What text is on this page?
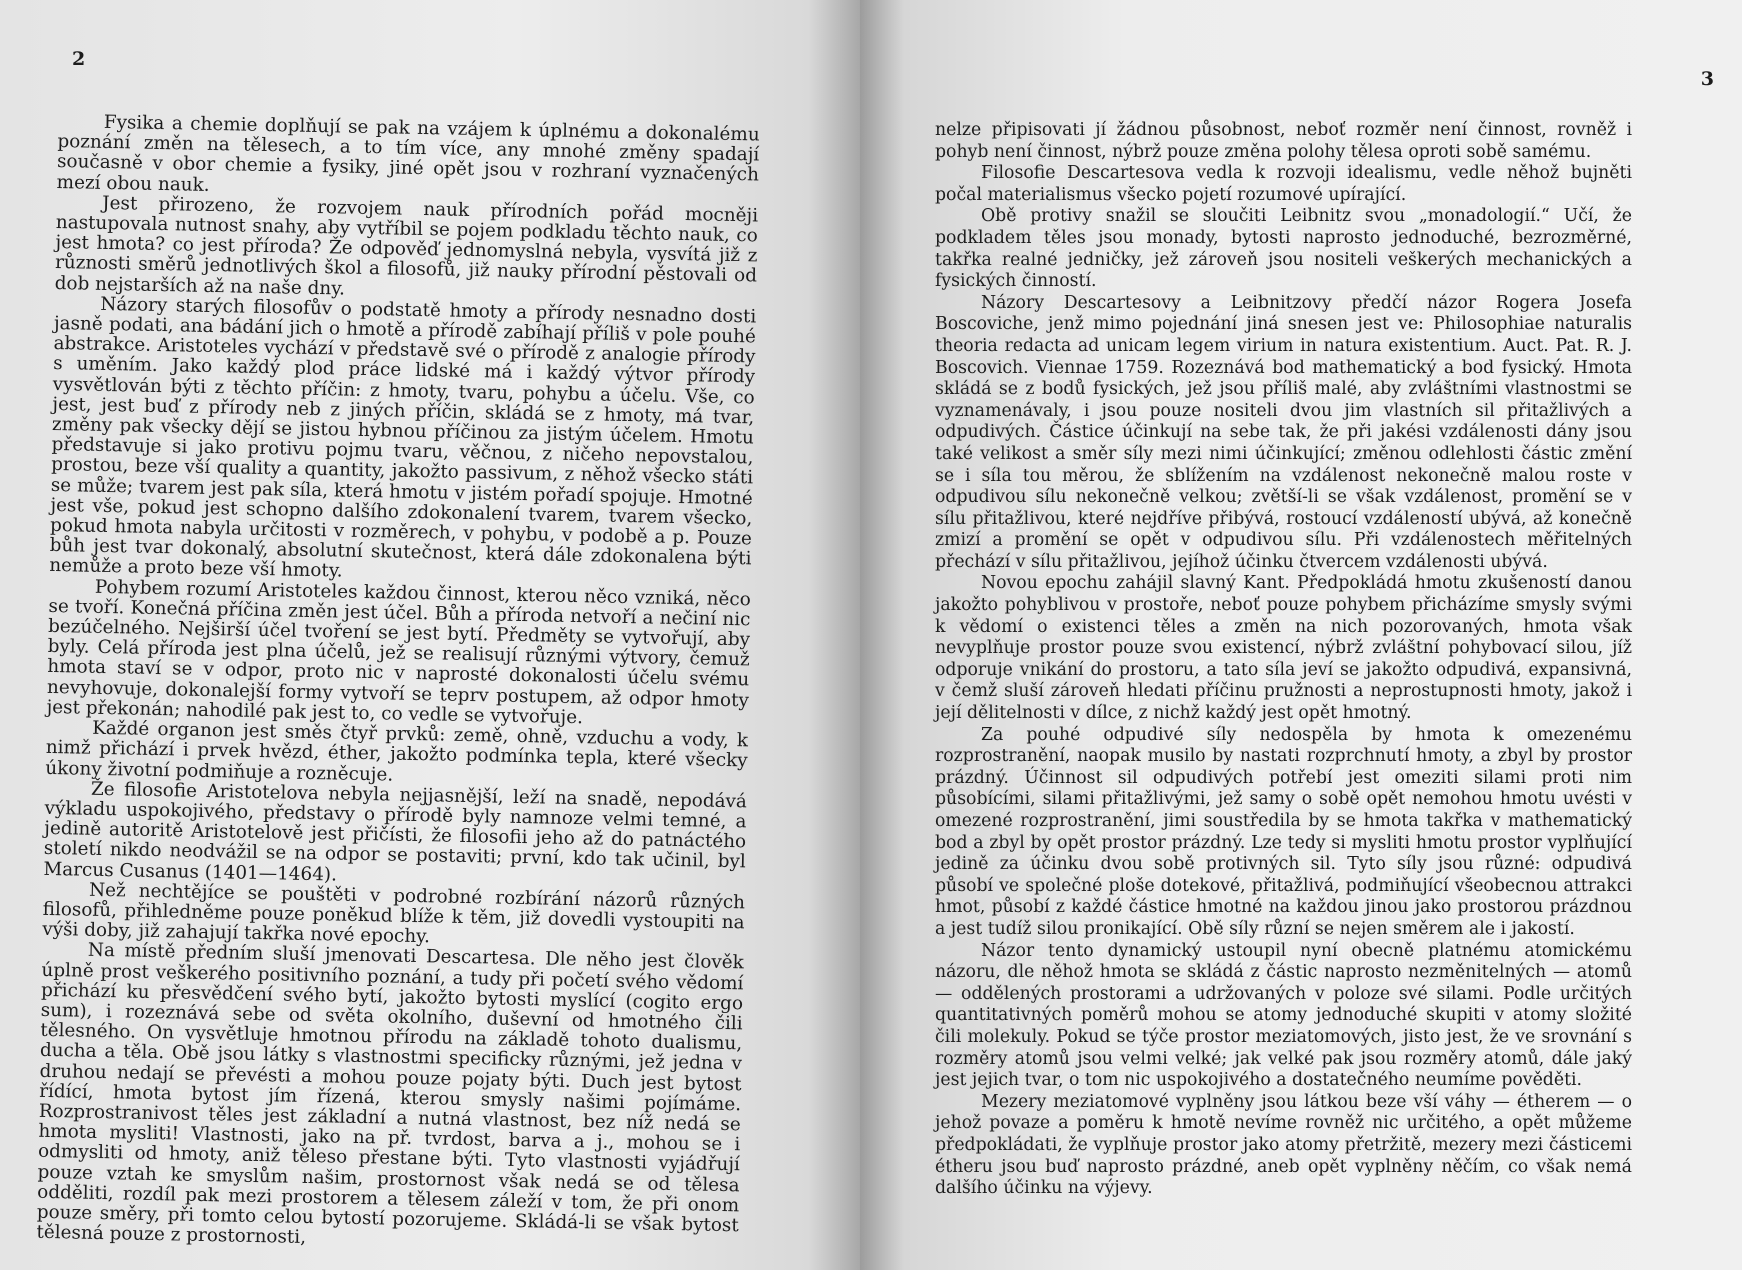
2

Fysika a chemie doplňují se pak na vzájem k úplnému a dokonalému poznání změn na tělesech, a to tím více, any mnohé změny spadají současně v obor chemie a fysiky, jiné opět jsou v rozhraní vyznačených mezí obou nauk.

Jest přirozeno, že rozvojem nauk přírodních pořád mocněji nastupovala nutnost snahy, aby vytříbil se pojem podkladu těchto nauk, co jest hmota? co jest příroda? Že odpověď jednomyslná nebyla, vysvítá již z různosti směrů jednotlivých škol a filosofů, již nauky přírodní pěstovali od dob nejstarších až na naše dny.

Názory starých filosofův o podstatě hmoty a přírody nesnadno dosti jasně podati, ana bádání jich o hmotě a přírodě zabíhají příliš v pole pouhé abstrakce. Aristoteles vychází v představě své o přírodě z analogie přírody s uměním. Jako každý plod práce lidské má i každý výtvor přírody vysvětlován býti z těchto příčin: z hmoty, tvaru, pohybu a účelu. Vše, co jest, jest buď z přírody neb z jiných příčin, skládá se z hmoty, má tvar, změny pak všecky dějí se jistou hybnou příčinou za jistým účelem. Hmotu představuje si jako protivu pojmu tvaru, věčnou, z ničeho nepovstalou, prostou, beze vší quality a quantity, jakožto passivum, z něhož všecko státi se může; tvarem jest pak síla, která hmotu v jistém pořadí spojuje. Hmotné jest vše, pokud jest schopno dalšího zdokonalení tvarem, tvarem všecko, pokud hmota nabyla určitosti v rozměrech, v pohybu, v podobě a p. Pouze bůh jest tvar dokonalý, absolutní skutečnost, která dále zdokonalena býti nemůže a proto beze vší hmoty.

Pohybem rozumí Aristoteles každou činnost, kterou něco vzniká, něco se tvoří. Konečná příčina změn jest účel. Bůh a příroda netvoří a nečiní nic bezúčelného. Nejširší účel tvoření se jest bytí. Předměty se vytvořují, aby byly. Celá příroda jest plna účelů, jež se realisují různými výtvory, čemuž hmota staví se v odpor, proto nic v naprosté dokonalosti účelu svému nevyhovuje, dokonalejší formy vytvoří se teprv postupem, až odpor hmoty jest překonán; nahodilé pak jest to, co vedle se vytvořuje.

Každé organon jest směs čtyř prvků: země, ohně, vzduchu a vody, k nimž přichází i prvek hvězd, éther, jakožto podmínka tepla, které všecky úkony životní podmiňuje a rozněcuje.

Že filosofie Aristotelova nebyla nejjasnější, leží na snadě, nepodává výkladu uspokojivého, představy o přírodě byly namnoze velmi temné, a jedině autoritě Aristotelově jest přičísti, že filosofii jeho až do patnáctého století nikdo neodvážil se na odpor se postaviti; první, kdo tak učinil, byl Marcus Cusanus (1401—1464).

Než nechtějíce se pouštěti v podrobné rozbírání názorů různých filosofů, přihledněme pouze poněkud blíže k těm, již dovedli vystoupiti na výši doby, již zahajují takřka nové epochy.

Na místě předním sluší jmenovati Descartesa. Dle něho jest člověk úplně prost veškerého positivního poznání, a tudy při početí svého vědomí přichází ku přesvědčení svého bytí, jakožto bytosti myslící (cogito ergo sum), i rozeznává sebe od světa okolního, duševní od hmotného čili tělesného. On vysvětluje hmotnou přírodu na základě tohoto dualismu, ducha a těla. Obě jsou látky s vlastnostmi specificky různými, jež jedna v druhou nedají se převésti a mohou pouze pojaty býti. Duch jest bytost řídící, hmota bytost jím řízená, kterou smysly našimi pojímáme. Rozprostranivost těles jest základní a nutná vlastnost, bez níž nedá se hmota mysliti! Vlastnosti, jako na př. tvrdost, barva a j., mohou se i odmysliti od hmoty, aniž těleso přestane býti. Tyto vlastnosti vyjádřují pouze vztah ke smyslům našim, prostornost však nedá se od tělesa odděliti, rozdíl pak mezi prostorem a tělesem záleží v tom, že při onom pouze směry, při tomto celou bytostí pozorujeme. Skládá-li se však bytost tělesná pouze z prostornosti,

3

nelze připisovati jí žádnou působnost, neboť rozměr není činnost, rovněž i pohyb není činnost, nýbrž pouze změna polohy tělesa oproti sobě samému.

Filosofie Descartesova vedla k rozvoji idealismu, vedle něhož bujněti počal materialismus všecko pojetí rozumové upírající.

Obě protivy snažil se sloučiti Leibnitz svou „monadologií.“ Učí, že podkladem těles jsou monady, bytosti naprosto jednoduché, bezrozměrné, takřka realné jedničky, jež zároveň jsou nositeli veškerých mechanických a fysických činností.

Názory Descartesovy a Leibnitzovy předčí názor Rogera Josefa Boscoviche, jenž mimo pojednání jiná snesen jest ve: Philosophiae naturalis theoria redacta ad unicam legem virium in natura existentium. Auct. Pat. R. J. Boscovich. Viennae 1759. Rozeznává bod mathematický a bod fysický. Hmota skládá se z bodů fysických, jež jsou příliš malé, aby zvláštními vlastnostmi se vyznamenávaly, i jsou pouze nositeli dvou jim vlastních sil přitažlivých a odpudivých. Částice účinkují na sebe tak, že při jakési vzdálenosti dány jsou také velikost a směr síly mezi nimi účinkující; změnou odlehlosti částic změní se i síla tou měrou, že sblížením na vzdálenost nekonečně malou roste v odpudivou sílu nekonečně velkou; zvětší-li se však vzdálenost, promění se v sílu přitažlivou, které nejdříve přibývá, rostoucí vzdáleností ubývá, až konečně zmizí a promění se opět v odpudivou sílu. Při vzdálenostech měřitelných přechází v sílu přitažlivou, jejíhož účinku čtvercem vzdálenosti ubývá.

Novou epochu zahájil slavný Kant. Předpokládá hmotu zkušeností danou jakožto pohyblivou v prostoře, neboť pouze pohybem přicházíme smysly svými k vědomí o existenci těles a změn na nich pozorovaných, hmota však nevyplňuje prostor pouze svou existencí, nýbrž zvláštní pohybovací silou, jíž odporuje vnikání do prostoru, a tato síla jeví se jakožto odpudivá, expansivná, v čemž sluší zároveň hledati příčinu pružnosti a neprostupnosti hmoty, jakož i její dělitelnosti v dílce, z nichž každý jest opět hmotný.

Za pouhé odpudivé síly nedospěla by hmota k omezenému rozprostranění, naopak musilo by nastati rozprchnutí hmoty, a zbyl by prostor prázdný. Účinnost sil odpudivých potřebí jest omeziti silami proti nim působícími, silami přitažlivými, jež samy o sobě opět nemohou hmotu uvésti v omezené rozprostranění, jimi soustředila by se hmota takřka v mathematický bod a zbyl by opět prostor prázdný. Lze tedy si mysliti hmotu prostor vyplňující jedině za účinku dvou sobě protivných sil. Tyto síly jsou různé: odpudivá působí ve společné ploše dotekové, přitažlivá, podmiňující všeobecnou attrakci hmot, působí z každé částice hmotné na každou jinou jako prostorou prázdnou a jest tudíž silou pronikající. Obě síly různí se nejen směrem ale i jakostí.

Názor tento dynamický ustoupil nyní obecně platnému atomickému názoru, dle něhož hmota se skládá z částic naprosto nezměnitelných — atomů — oddělených prostorami a udržovaných v poloze své silami. Podle určitých quantitativných poměrů mohou se atomy jednoduché skupiti v atomy složité čili molekuly. Pokud se týče prostor meziatomových, jisto jest, že ve srovnání s rozměry atomů jsou velmi velké; jak velké pak jsou rozměry atomů, dále jaký jest jejich tvar, o tom nic uspokojivého a dostatečného neumíme pověděti.

Mezery meziatomové vyplněny jsou látkou beze vší váhy — étherem — o jehož povaze a poměru k hmotě nevíme rovněž nic určitého, a opět můžeme předpokládati, že vyplňuje prostor jako atomy přetržitě, mezery mezi částicemi étheru jsou buď naprosto prázdné, aneb opět vyplněny něčím, co však nemá dalšího účinku na výjevy.
